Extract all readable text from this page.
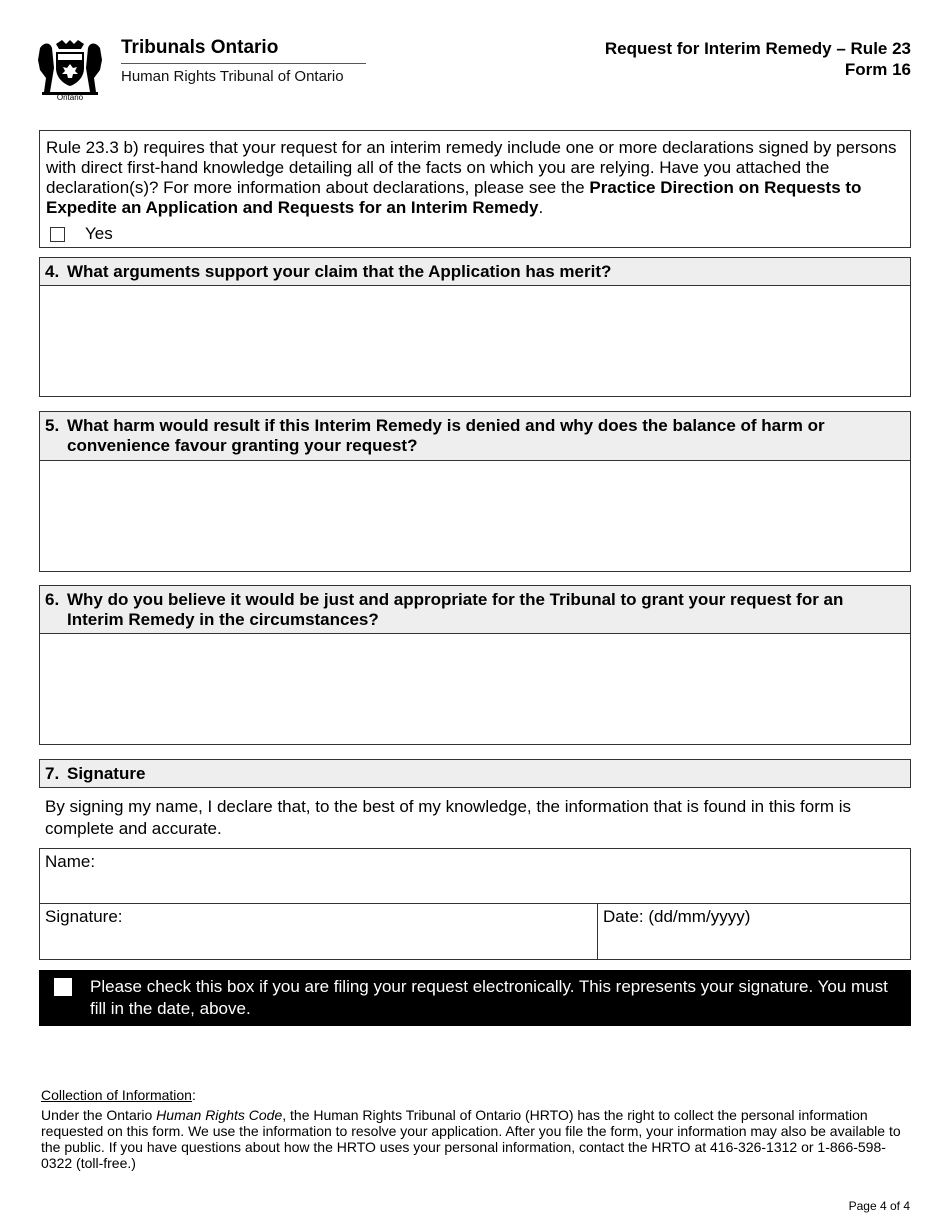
Ontario
Tribunals Ontario
Human Rights Tribunal of Ontario
Request for Interim Remedy – Rule 23
Form 16

Rule 23.3 b) requires that your request for an interim remedy include one or more declarations signed by persons with direct first-hand knowledge detailing all of the facts on which you are relying. Have you attached the declaration(s)? For more information about declarations, please see the Practice Direction on Requests to Expedite an Application and Requests for an Interim Remedy.

Yes
4. What arguments support your claim that the Application has merit?
5. What harm would result if this Interim Remedy is denied and why does the balance of harm or convenience favour granting your request?
6. Why do you believe it would be just and appropriate for the Tribunal to grant your request for an Interim Remedy in the circumstances?
7. Signature
By signing my name, I declare that, to the best of my knowledge, the information that is found in this form is complete and accurate.
Name:
Signature:	Date: (dd/mm/yyyy)
Please check this box if you are filing your request electronically. This represents your signature. You must fill in the date, above.
Collection of Information:
Under the Ontario Human Rights Code, the Human Rights Tribunal of Ontario (HRTO) has the right to collect the personal information requested on this form. We use the information to resolve your application. After you file the form, your information may also be available to the public. If you have questions about how the HRTO uses your personal information, contact the HRTO at 416-326-1312 or 1-866-598-0322 (toll-free.)
Page 4 of 4
